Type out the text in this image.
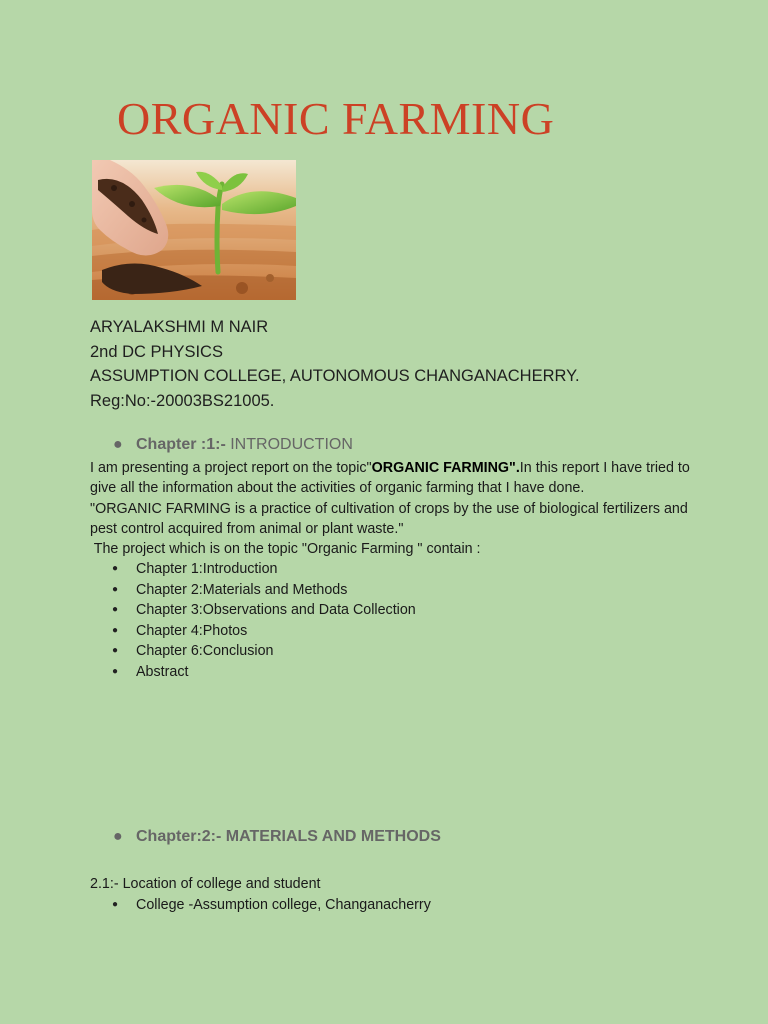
ORGANIC FARMING
ARYALAKSHMI M NAIR
2nd DC PHYSICS
ASSUMPTION COLLEGE, AUTONOMOUS CHANGANACHERRY.
Reg:No:-20003BS21005.
● Chapter :1:- INTRODUCTION

I am presenting a project report on the topic"ORGANIC FARMING".In this report I have tried to give all the information about the activities of organic farming that I have done.

"ORGANIC FARMING is a practice of cultivation of crops by the use of biological fertilizers and pest control acquired from animal or plant waste."

The project which is on the topic "Organic Farming " contain :

● Chapter 1:Introduction
● Chapter 2:Materials and Methods
● Chapter 3:Observations and Data Collection
● Chapter 4:Photos
● Chapter 6:Conclusion
● Abstract
● Chapter:2:- MATERIALS AND METHODS

2.1:- Location of college and student

● College -Assumption college, Changanacherry
